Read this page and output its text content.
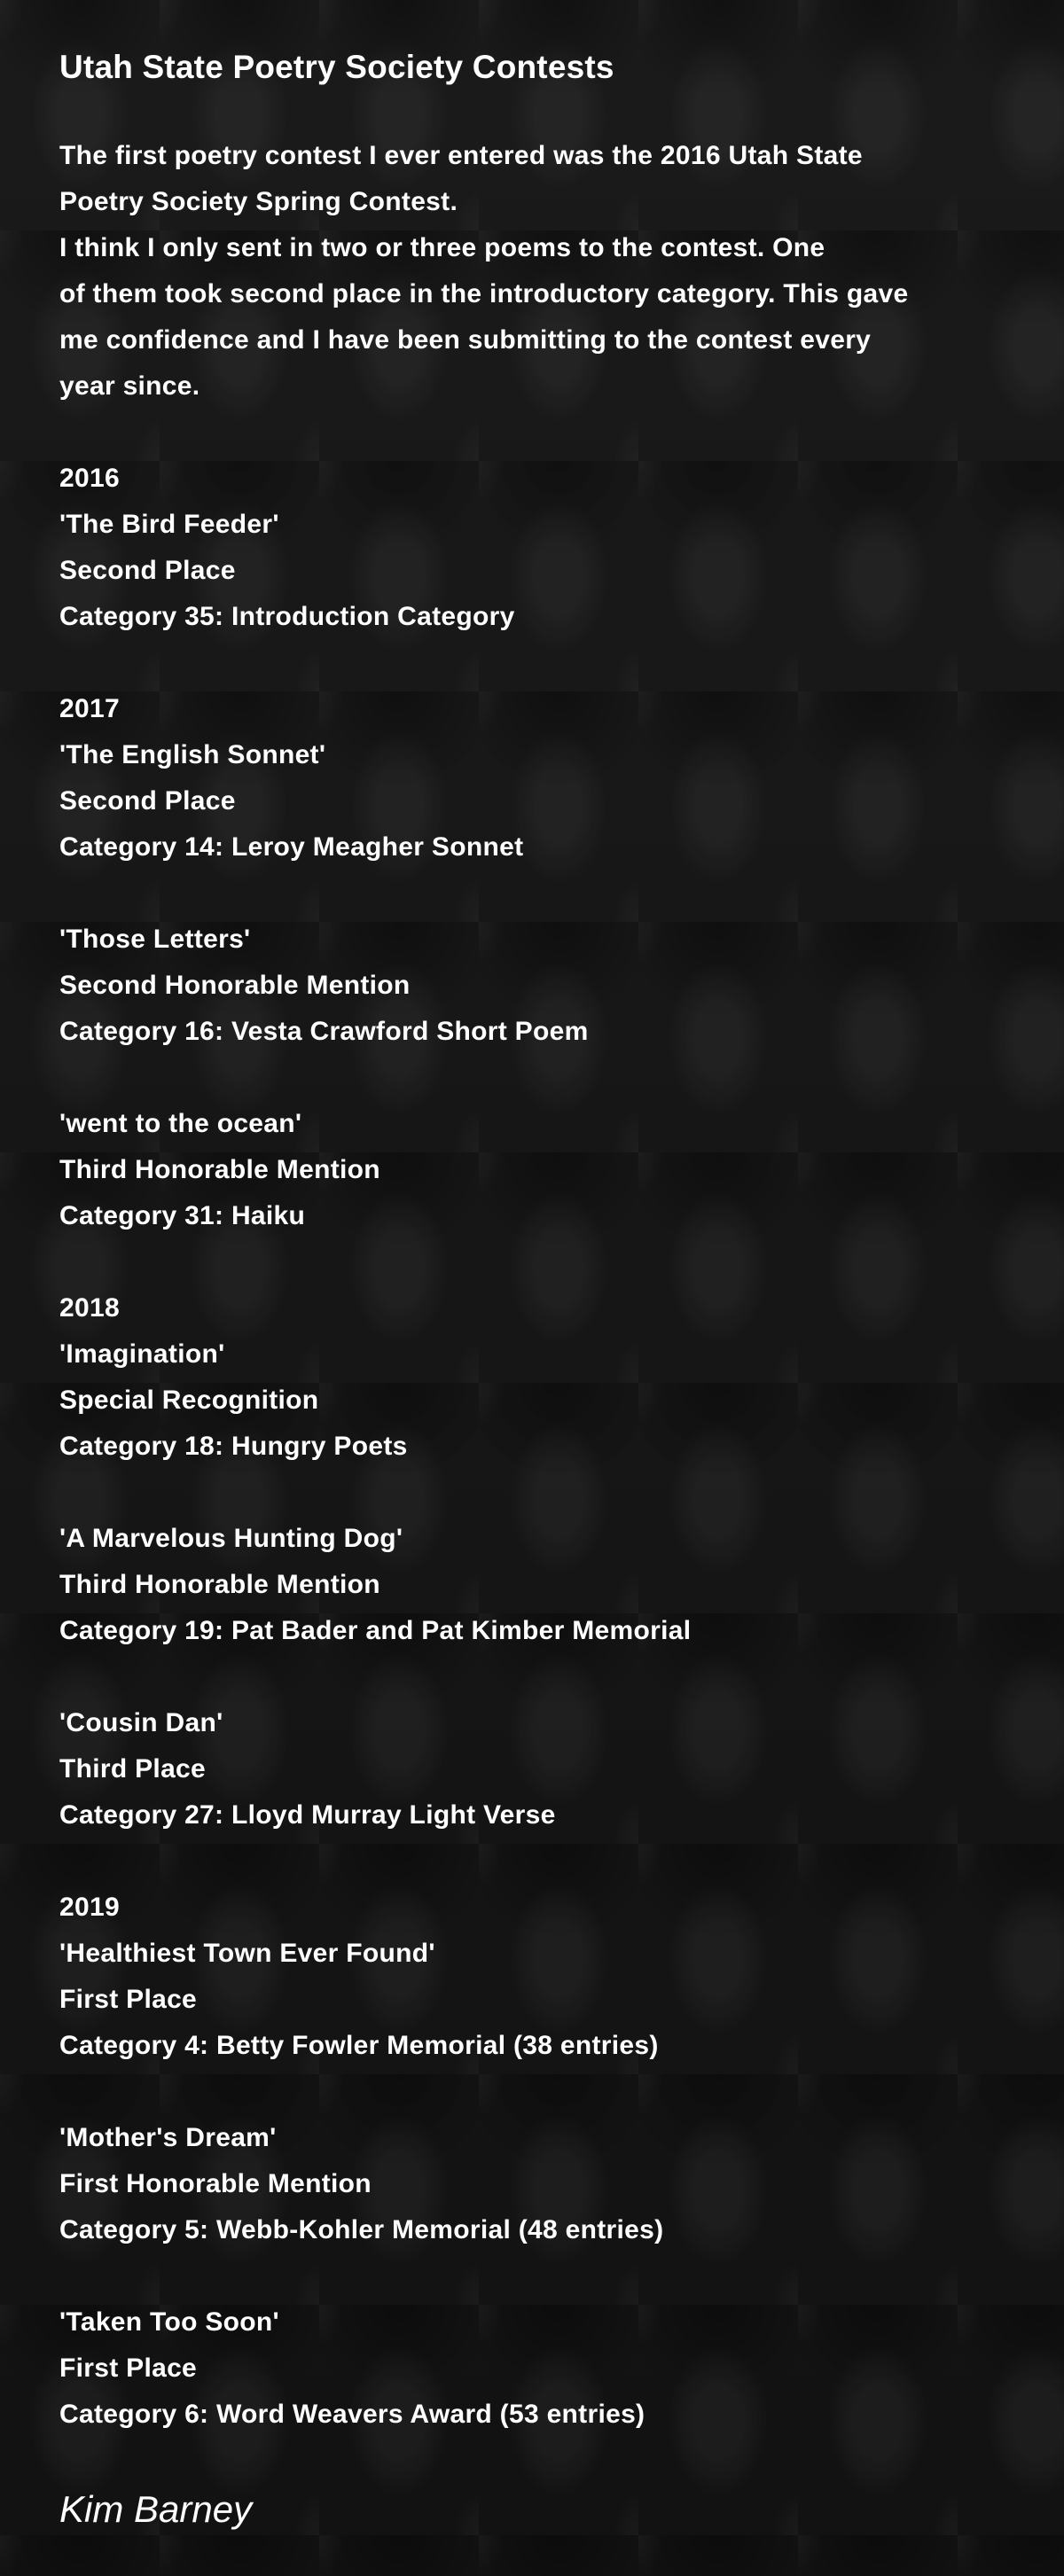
Utah State Poetry Society Contests
The first poetry contest I ever entered was the 2016 Utah State
Poetry Society Spring Contest.
I think I only sent in two or three poems to the contest. One
of them took second place in the introductory category. This gave
me confidence and I have been submitting to the contest every
year since.
2016
'The Bird Feeder'
Second Place
Category 35: Introduction Category
2017
'The English Sonnet'
Second Place
Category 14: Leroy Meagher Sonnet
'Those Letters'
Second Honorable Mention
Category 16: Vesta Crawford Short Poem
'went to the ocean'
Third Honorable Mention
Category 31: Haiku
2018
'Imagination'
Special Recognition
Category 18: Hungry Poets
'A Marvelous Hunting Dog'
Third Honorable Mention
Category 19: Pat Bader and Pat Kimber Memorial
'Cousin Dan'
Third Place
Category 27: Lloyd Murray Light Verse
2019
'Healthiest Town Ever Found'
First Place
Category 4: Betty Fowler Memorial (38 entries)
'Mother's Dream'
First Honorable Mention
Category 5: Webb-Kohler Memorial (48 entries)
'Taken Too Soon'
First Place
Category 6: Word Weavers Award (53 entries)
Kim Barney
